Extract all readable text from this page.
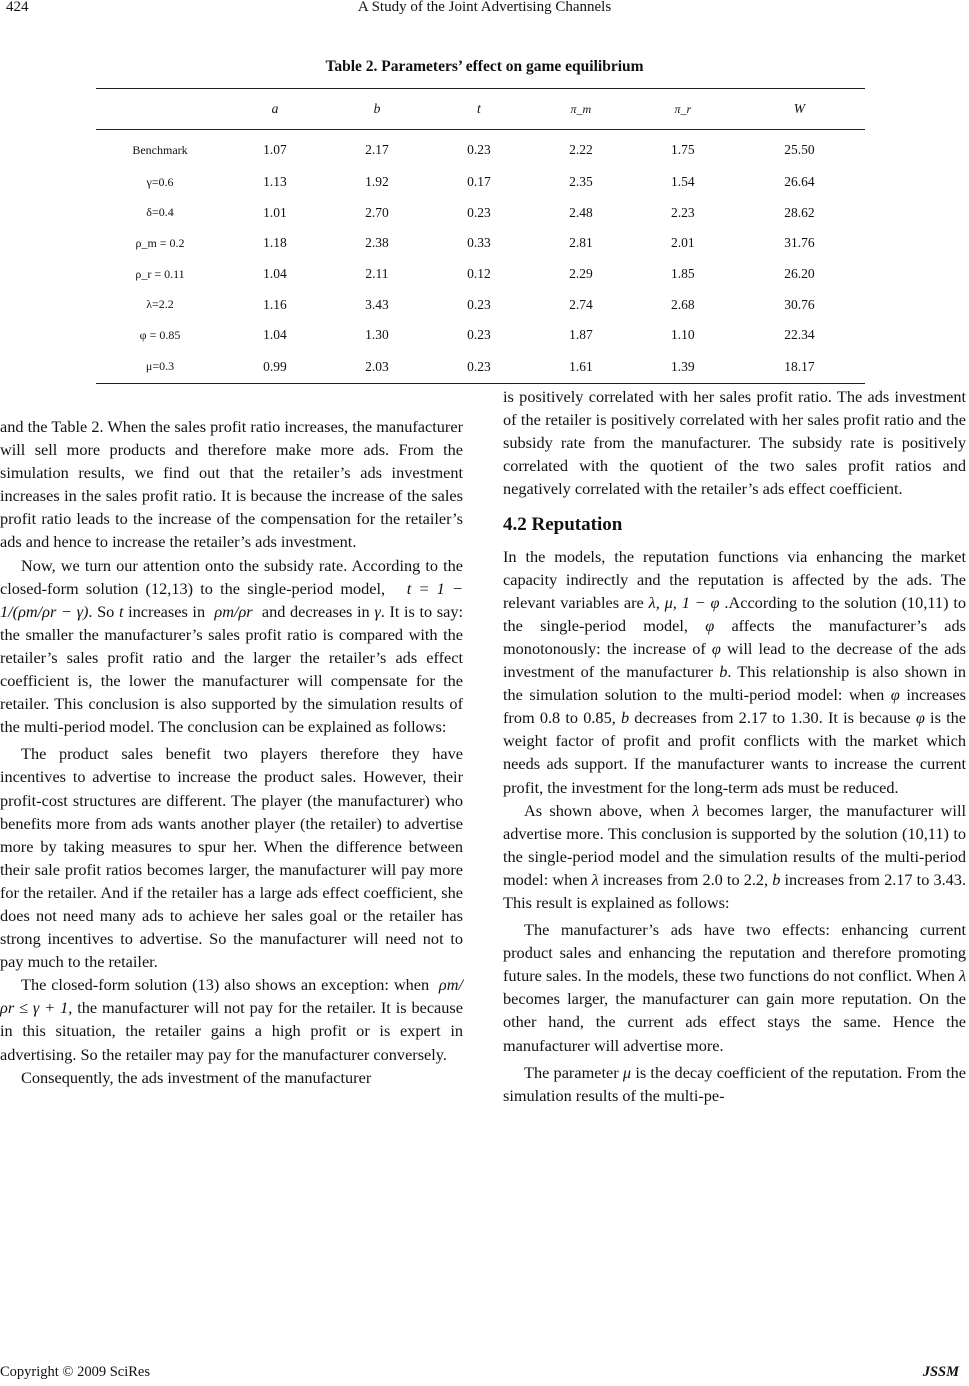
424	A Study of the Joint Advertising Channels
Table 2. Parameters’ effect on game equilibrium
	a	b	t	π_m	π_r	W
Benchmark	1.07	2.17	0.23	2.22	1.75	25.50
γ=0.6	1.13	1.92	0.17	2.35	1.54	26.64
δ=0.4	1.01	2.70	0.23	2.48	2.23	28.62
ρ_m = 0.2	1.18	2.38	0.33	2.81	2.01	31.76
ρ_r = 0.11	1.04	2.11	0.12	2.29	1.85	26.20
λ=2.2	1.16	3.43	0.23	2.74	2.68	30.76
φ = 0.85	1.04	1.30	0.23	1.87	1.10	22.34
μ=0.3	0.99	2.03	0.23	1.61	1.39	18.17

and the Table 2. When the sales profit ratio increases, the manufacturer will sell more products and therefore make more ads. From the simulation results, we find out that the retailer’s ads investment increases in the sales profit ratio. It is because the increase of the sales profit ratio leads to the increase of the compensation for the retailer’s ads and hence to increase the retailer’s ads investment.

Now, we turn our attention onto the subsidy rate. According to the closed-form solution (12,13) to the single-period model, t = 1 − 1/(ρm/ρr − γ). So t increases in ρm/ρr and decreases in γ. It is to say: the smaller the manufacturer’s sales profit ratio is compared with the retailer’s sales profit ratio and the larger the retailer’s ads effect coefficient is, the lower the manufacturer will compensate for the retailer. This conclusion is also supported by the simulation results of the multi-period model. The conclusion can be explained as follows:

The product sales benefit two players therefore they have incentives to advertise to increase the product sales. However, their profit-cost structures are different. The player (the manufacturer) who benefits more from ads wants another player (the retailer) to advertise more by taking measures to spur her. When the difference between their sale profit ratios becomes larger, the manufacturer will pay more for the retailer. And if the retailer has a large ads effect coefficient, she does not need many ads to achieve her sales goal or the retailer has strong incentives to advertise. So the manufacturer will need not to pay much to the retailer.

The closed-form solution (13) also shows an exception: when ρm/ρr ≤ γ + 1, the manufacturer will not pay for the retailer. It is because in this situation, the retailer gains a high profit or is expert in advertising. So the retailer may pay for the manufacturer conversely.

Consequently, the ads investment of the manufacturer

is positively correlated with her sales profit ratio. The ads investment of the retailer is positively correlated with her sales profit ratio and the subsidy rate from the manufacturer. The subsidy rate is positively correlated with the quotient of the two sales profit ratios and negatively correlated with the retailer’s ads effect coefficient.

4.2 Reputation

In the models, the reputation functions via enhancing the market capacity indirectly and the reputation is affected by the ads. The relevant variables are λ, μ, 1 − φ .According to the solution (10,11) to the single-period model, φ affects the manufacturer’s ads monotonously: the increase of φ will lead to the decrease of the ads investment of the manufacturer b. This relationship is also shown in the simulation solution to the multi-period model: when φ increases from 0.8 to 0.85, b decreases from 2.17 to 1.30. It is because φ is the weight factor of profit and profit conflicts with the market which needs ads support. If the manufacturer wants to increase the current profit, the investment for the long-term ads must be reduced.

As shown above, when λ becomes larger, the manufacturer will advertise more. This conclusion is supported by the solution (10,11) to the single-period model and the simulation results of the multi-period model: when λ increases from 2.0 to 2.2, b increases from 2.17 to 3.43. This result is explained as follows:

The manufacturer’s ads have two effects: enhancing current product sales and enhancing the reputation and therefore promoting future sales. In the models, these two functions do not conflict. When λ becomes larger, the manufacturer can gain more reputation. On the other hand, the current ads effect stays the same. Hence the manufacturer will advertise more.

The parameter μ is the decay coefficient of the reputation. From the simulation results of the multi-pe-

Copyright © 2009 SciRes	JSSM
